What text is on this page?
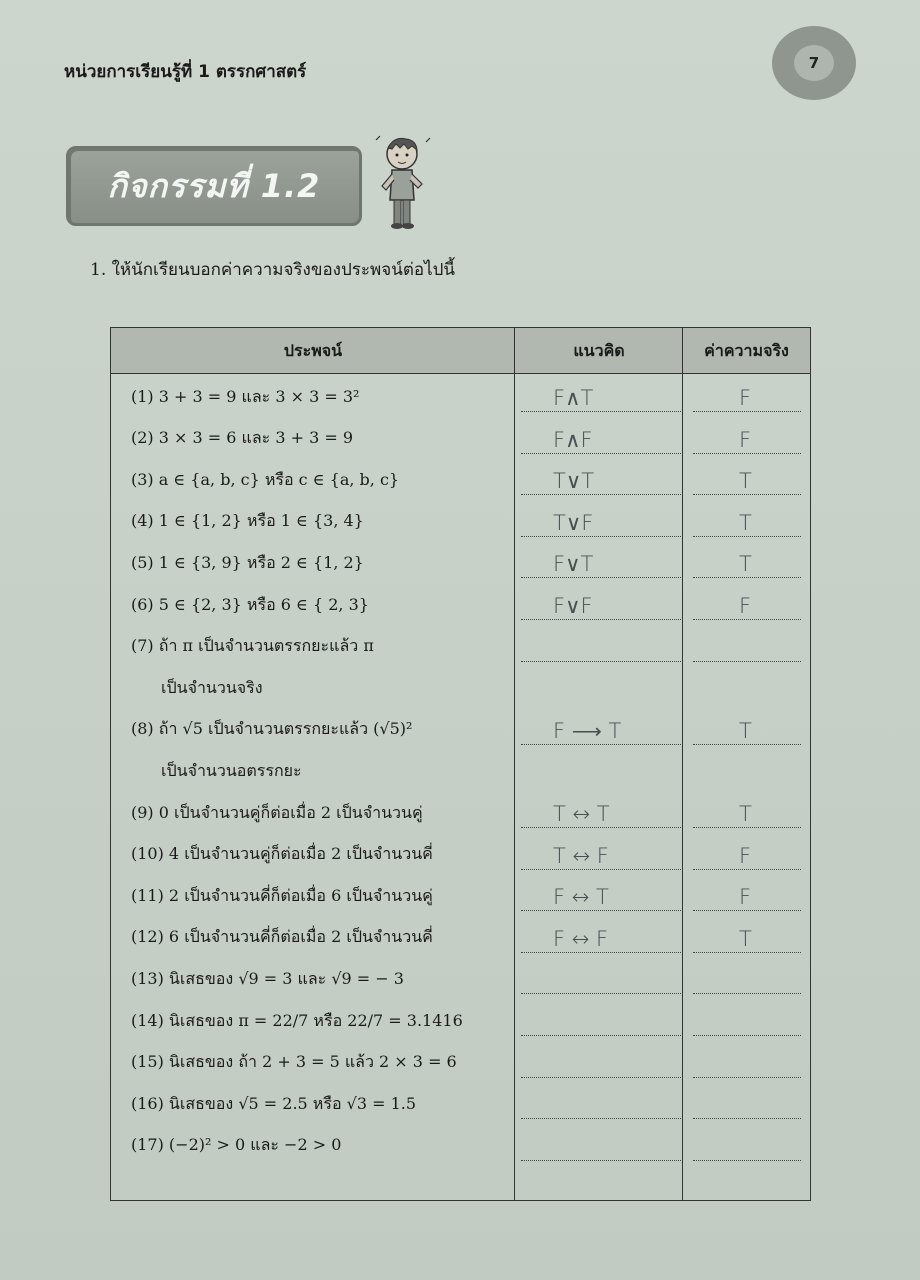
หน่วยการเรียนรู้ที่ 1 ตรรกศาสตร์	7
กิจกรรมที่ 1.2
1. ให้นักเรียนบอกค่าความจริงของประพจน์ต่อไปนี้
ประพจน์	แนวคิด	ค่าความจริง
(1) 3 + 3 = 9 และ 3 × 3 = 3²	F∧T	F
(2) 3 × 3 = 6 และ 3 + 3 = 9	F∧F	F
(3) a ∈ {a, b, c} หรือ c ∈ {a, b, c}	T∨T	T
(4) 1 ∈ {1, 2} หรือ 1 ∈ {3, 4}	T∨F	T
(5) 1 ∈ {3, 9} หรือ 2 ∈ {1, 2}	F∨T	T
(6) 5 ∈ {2, 3} หรือ 6 ∈ { 2, 3}	F∨F	F
(7) ถ้า π เป็นจำนวนตรรกยะแล้ว π
เป็นจำนวนจริง
(8) ถ้า √5 เป็นจำนวนตรรกยะแล้ว (√5)²	F ⟶ T	T
เป็นจำนวนอตรรกยะ
(9) 0 เป็นจำนวนคู่ก็ต่อเมื่อ 2 เป็นจำนวนคู่	T ↔ T	T
(10) 4 เป็นจำนวนคู่ก็ต่อเมื่อ 2 เป็นจำนวนคี่	T ↔ F	F
(11) 2 เป็นจำนวนคี่ก็ต่อเมื่อ 6 เป็นจำนวนคู่	F ↔ T	F
(12) 6 เป็นจำนวนคี่ก็ต่อเมื่อ 2 เป็นจำนวนคี่	F ↔ F	T
(13) นิเสธของ √9 = 3 และ √9 = − 3
(14) นิเสธของ π = 22/7 หรือ 22/7 = 3.1416
(15) นิเสธของ ถ้า 2 + 3 = 5 แล้ว 2 × 3 = 6
(16) นิเสธของ √5 = 2.5 หรือ √3 = 1.5
(17) (−2)² > 0 และ −2 > 0
